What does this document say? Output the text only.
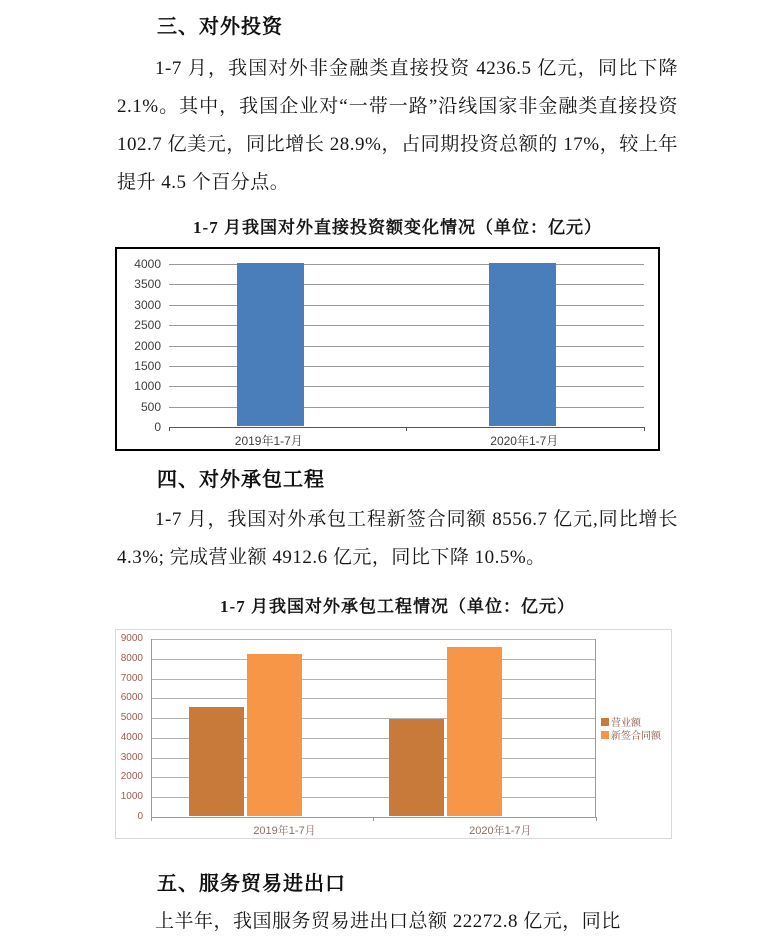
三、对外投资

1-7 月，我国对外非金融类直接投资 4236.5 亿元，同比下降 2.1%。其中，我国企业对“一带一路”沿线国家非金融类直接投资 102.7 亿美元，同比增长 28.9%，占同期投资总额的 17%，较上年提升 4.5 个百分点。

1-7 月我国对外直接投资额变化情况（单位：亿元）
0
500
1000
1500
2000
2500
3000
3500
4000
2019年1-7月	2020年1-7月
四、对外承包工程

1-7 月，我国对外承包工程新签合同额 8556.7 亿元,同比增长 4.3%; 完成营业额 4912.6 亿元，同比下降 10.5%。

1-7 月我国对外承包工程情况（单位：亿元）
0
1000
2000
3000
4000
5000
6000
7000
8000
9000
2019年1-7月	2020年1-7月
营业额
新签合同额
五、服务贸易进出口

上半年，我国服务贸易进出口总额 22272.8 亿元，同比
